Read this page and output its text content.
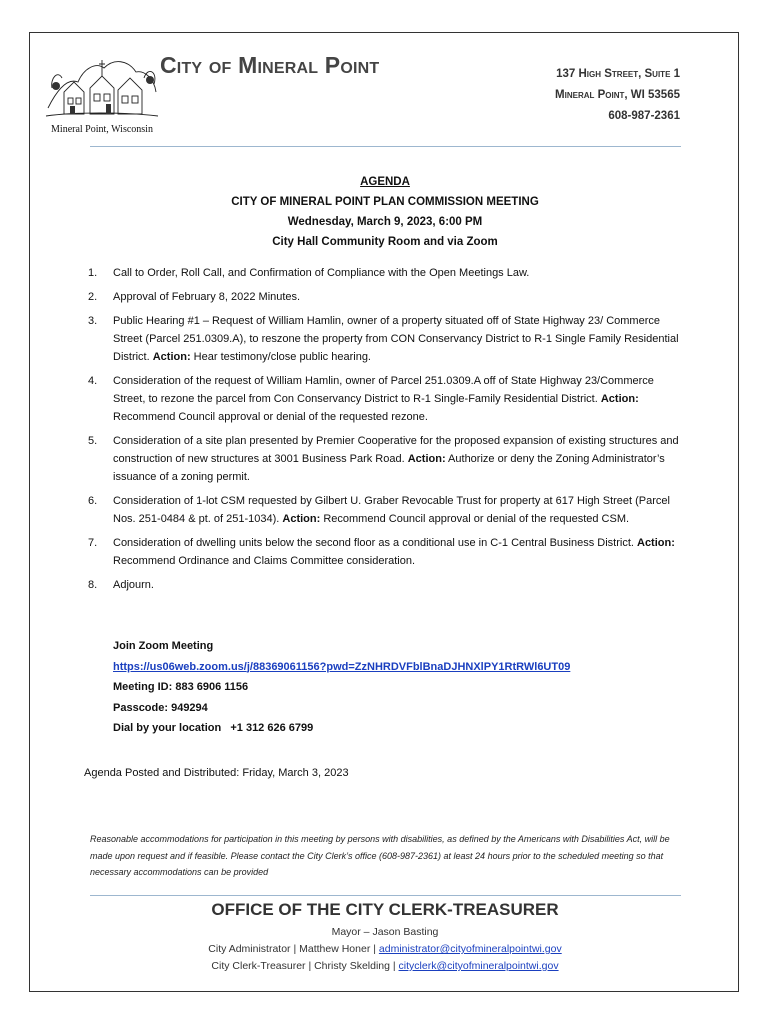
Mineral Point, Wisconsin
City of Mineral Point	137 High Street, Suite 1
Mineral Point, WI 53565
608-987-2361
AGENDA
CITY OF MINERAL POINT PLAN COMMISSION MEETING
Wednesday, March 9, 2023, 6:00 PM
City Hall Community Room and via Zoom
1. Call to Order, Roll Call, and Confirmation of Compliance with the Open Meetings Law.
2. Approval of February 8, 2022 Minutes.
3. Public Hearing #1 – Request of William Hamlin, owner of a property situated off of State Highway 23/ Commerce Street (Parcel 251.0309.A), to reszone the property from CON Conservancy District to R-1 Single Family Residential District. Action: Hear testimony/close public hearing.
4. Consideration of the request of William Hamlin, owner of Parcel 251.0309.A off of State Highway 23/Commerce Street, to rezone the parcel from Con Conservancy District to R-1 Single-Family Residential District. Action: Recommend Council approval or denial of the requested rezone.
5. Consideration of a site plan presented by Premier Cooperative for the proposed expansion of existing structures and construction of new structures at 3001 Business Park Road. Action: Authorize or deny the Zoning Administrator’s issuance of a zoning permit.
6. Consideration of 1-lot CSM requested by Gilbert U. Graber Revocable Trust for property at 617 High Street (Parcel Nos. 251-0484 & pt. of 251-1034). Action: Recommend Council approval or denial of the requested CSM.
7. Consideration of dwelling units below the second floor as a conditional use in C-1 Central Business District. Action: Recommend Ordinance and Claims Committee consideration.
8. Adjourn.
Join Zoom Meeting
https://us06web.zoom.us/j/88369061156?pwd=ZzNHRDVFblBnaDJHNXlPY1RtRWl6UT09
Meeting ID: 883 6906 1156
Passcode: 949294
Dial by your location   +1 312 626 6799
Agenda Posted and Distributed: Friday, March 3, 2023
Reasonable accommodations for participation in this meeting by persons with disabilities, as defined by the Americans with Disabilities Act, will be made upon request and if feasible. Please contact the City Clerk’s office (608-987-2361) at least 24 hours prior to the scheduled meeting so that necessary accommodations can be provided
OFFICE OF THE CITY CLERK-TREASURER
Mayor – Jason Basting
City Administrator | Matthew Honer | administrator@cityofmineralpointwi.gov
City Clerk-Treasurer | Christy Skelding | cityclerk@cityofmineralpointwi.gov
